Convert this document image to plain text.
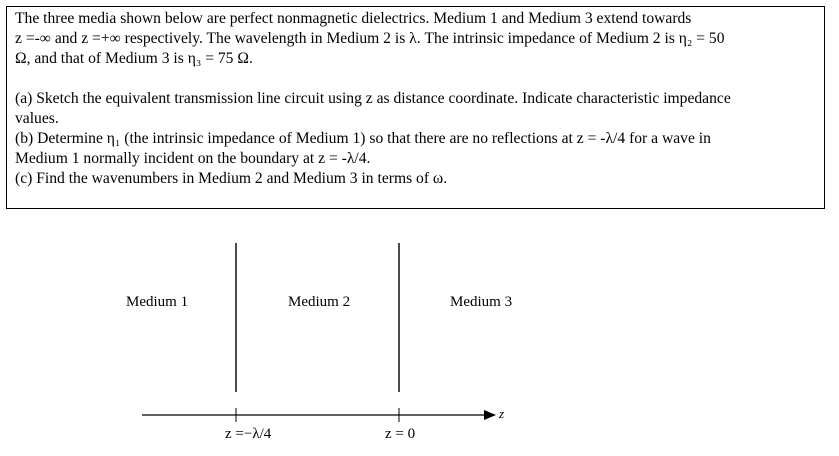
The three media shown below are perfect nonmagnetic dielectrics. Medium 1 and Medium 3 extend towards

z =-∞ and z =+∞ respectively. The wavelength in Medium 2 is λ. The intrinsic impedance of Medium 2 is η₂ = 50

Ω, and that of Medium 3 is η₃ = 75 Ω.

(a) Sketch the equivalent transmission line circuit using z as distance coordinate. Indicate characteristic impedance

values.

(b) Determine η₁ (the intrinsic impedance of Medium 1) so that there are no reflections at z = -λ/4 for a wave in

Medium 1 normally incident on the boundary at z = -λ/4.

(c) Find the wavenumbers in Medium 2 and Medium 3 in terms of ω.

Medium 1	Medium 2	Medium 3
z
z =−λ/4	z = 0
